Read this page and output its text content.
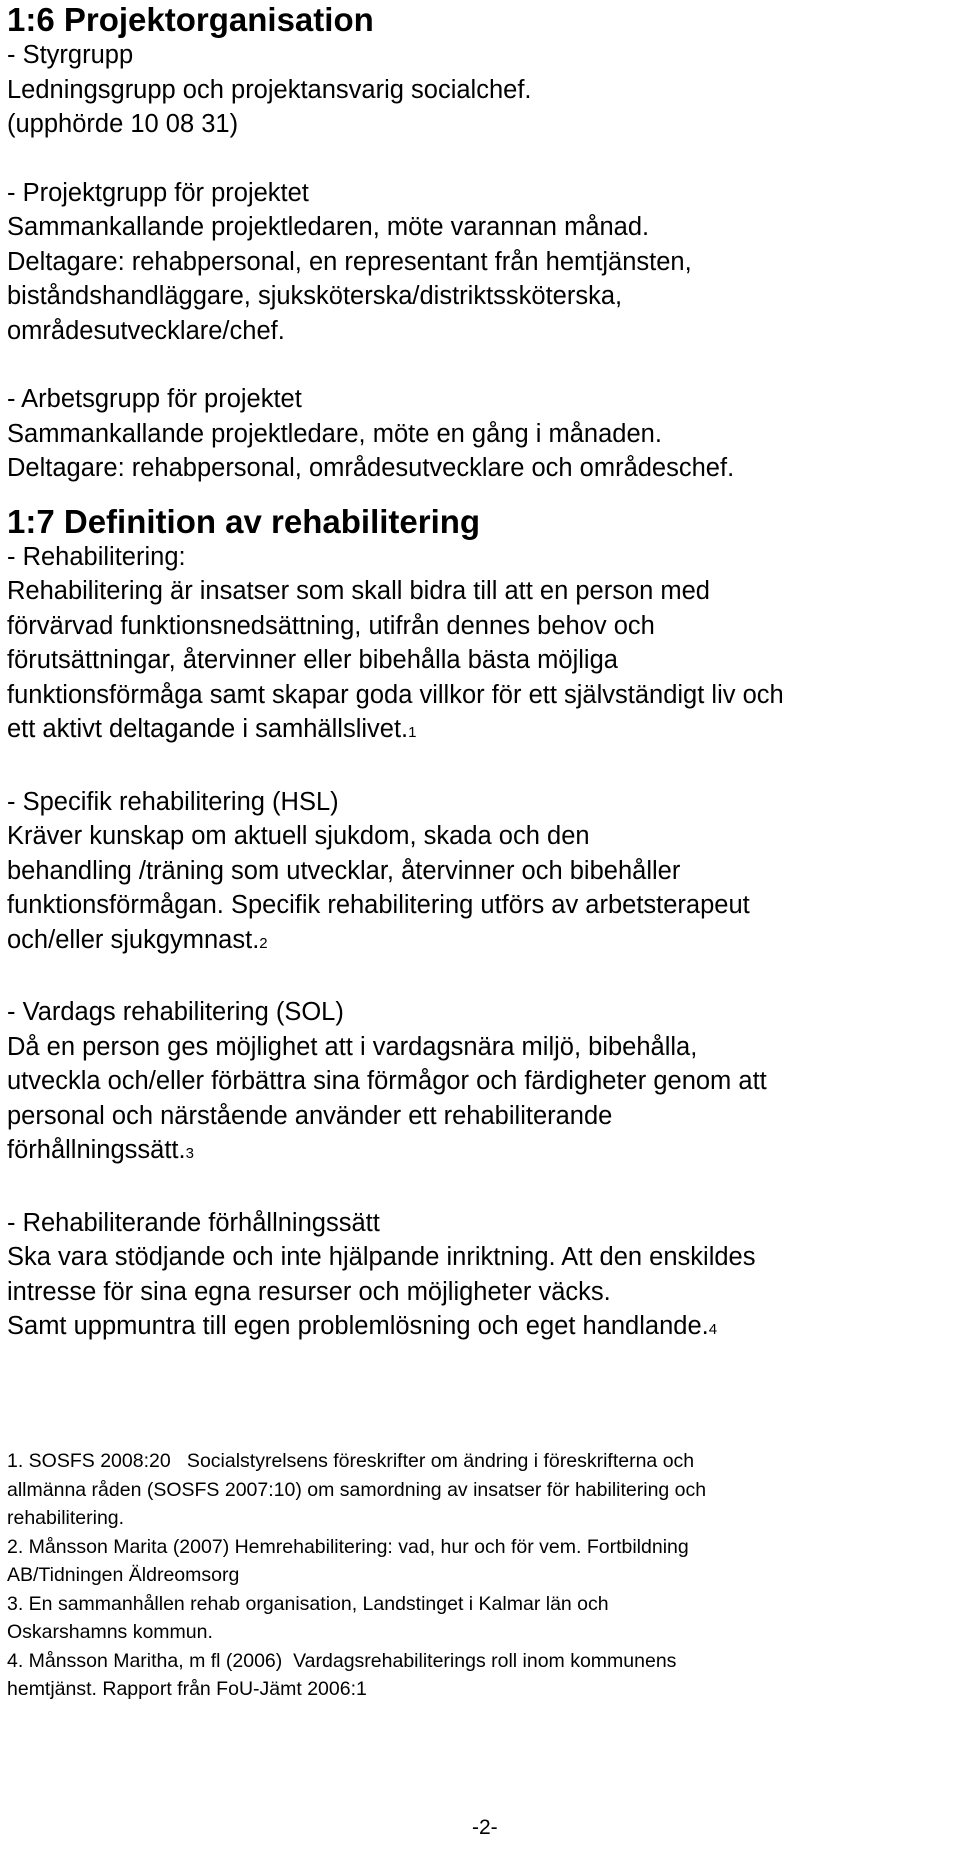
1:6 Projektorganisation

- Styrgrupp

Ledningsgrupp och projektansvarig socialchef.

(upphörde 10 08 31)

- Projektgrupp för projektet

Sammankallande projektledaren, möte varannan månad.

Deltagare: rehabpersonal, en representant från hemtjänsten,

biståndshandläggare, sjuksköterska/distriktssköterska,

områdesutvecklare/chef.

- Arbetsgrupp för projektet

Sammankallande projektledare, möte en gång i månaden.

Deltagare: rehabpersonal, områdesutvecklare och områdeschef.

1:7 Definition av rehabilitering

- Rehabilitering:

Rehabilitering är insatser som skall bidra till att en person med

förvärvad funktionsnedsättning, utifrån dennes behov och

förutsättningar, återvinner eller bibehålla bästa möjliga

funktionsförmåga samt skapar goda villkor för ett självständigt liv och

ett aktivt deltagande i samhällslivet.1

- Specifik rehabilitering (HSL)

Kräver kunskap om aktuell sjukdom, skada och den

behandling /träning som utvecklar, återvinner och bibehåller

funktionsförmågan. Specifik rehabilitering utförs av arbetsterapeut

och/eller sjukgymnast.2

- Vardags rehabilitering (SOL)

Då en person ges möjlighet att i vardagsnära miljö, bibehålla,

utveckla och/eller förbättra sina förmågor och färdigheter genom att

personal och närstående använder ett rehabiliterande

förhållningssätt.3

- Rehabiliterande förhållningssätt

Ska vara stödjande och inte hjälpande inriktning. Att den enskildes

intresse för sina egna resurser och möjligheter väcks.

Samt uppmuntra till egen problemlösning och eget handlande.4

1. SOSFS 2008:20   Socialstyrelsens föreskrifter om ändring i föreskrifterna och

allmänna råden (SOSFS 2007:10) om samordning av insatser för habilitering och

rehabilitering.

2. Månsson Marita (2007) Hemrehabilitering: vad, hur och för vem. Fortbildning

AB/Tidningen Äldreomsorg

3. En sammanhållen rehab organisation, Landstinget i Kalmar län och

Oskarshamns kommun.

4. Månsson Maritha, m fl (2006)  Vardagsrehabiliterings roll inom kommunens

hemtjänst. Rapport från FoU-Jämt 2006:1

-2-
